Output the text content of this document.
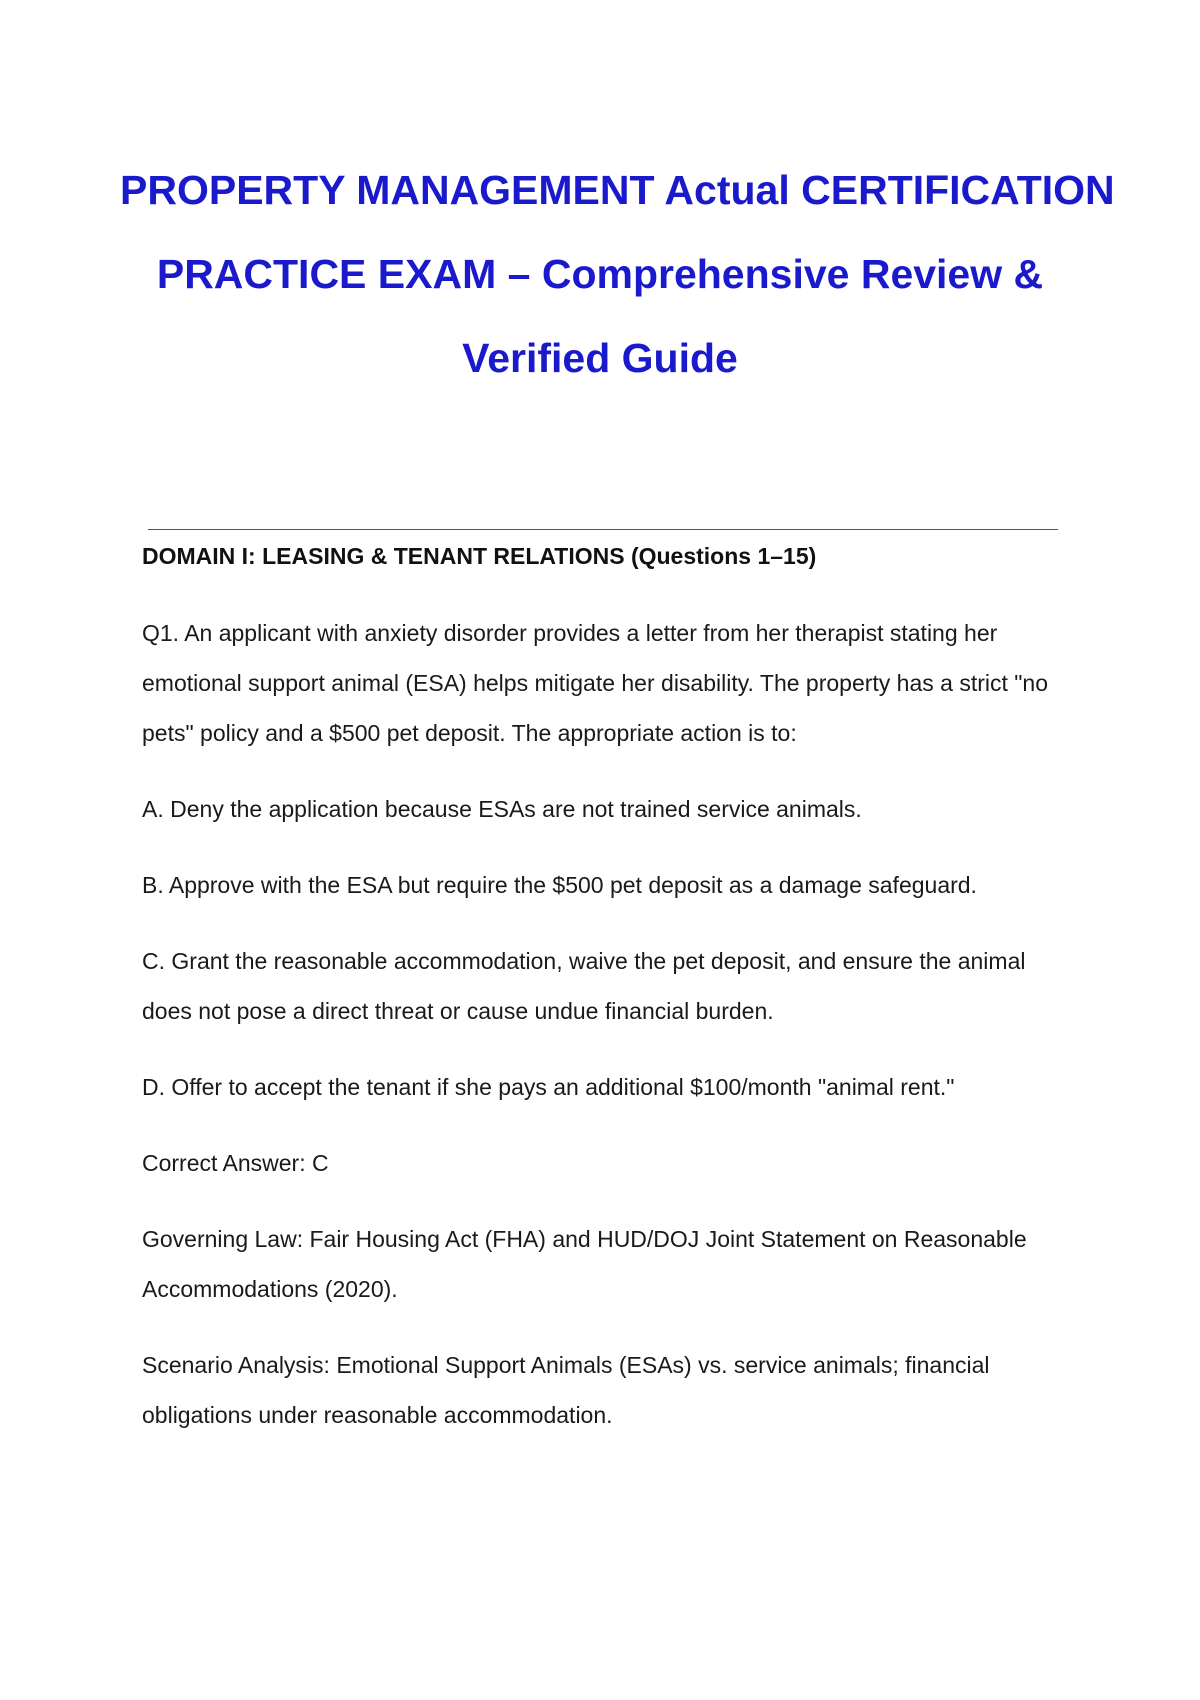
PROPERTY MANAGEMENT Actual CERTIFICATION
PRACTICE EXAM – Comprehensive Review &
Verified Guide

DOMAIN I: LEASING & TENANT RELATIONS (Questions 1–15)

Q1. An applicant with anxiety disorder provides a letter from her therapist stating her emotional support animal (ESA) helps mitigate her disability. The property has a strict "no pets" policy and a $500 pet deposit. The appropriate action is to:

A. Deny the application because ESAs are not trained service animals.

B. Approve with the ESA but require the $500 pet deposit as a damage safeguard.

C. Grant the reasonable accommodation, waive the pet deposit, and ensure the animal does not pose a direct threat or cause undue financial burden.

D. Offer to accept the tenant if she pays an additional $100/month "animal rent."

Correct Answer: C

Governing Law: Fair Housing Act (FHA) and HUD/DOJ Joint Statement on Reasonable Accommodations (2020).

Scenario Analysis: Emotional Support Animals (ESAs) vs. service animals; financial obligations under reasonable accommodation.
